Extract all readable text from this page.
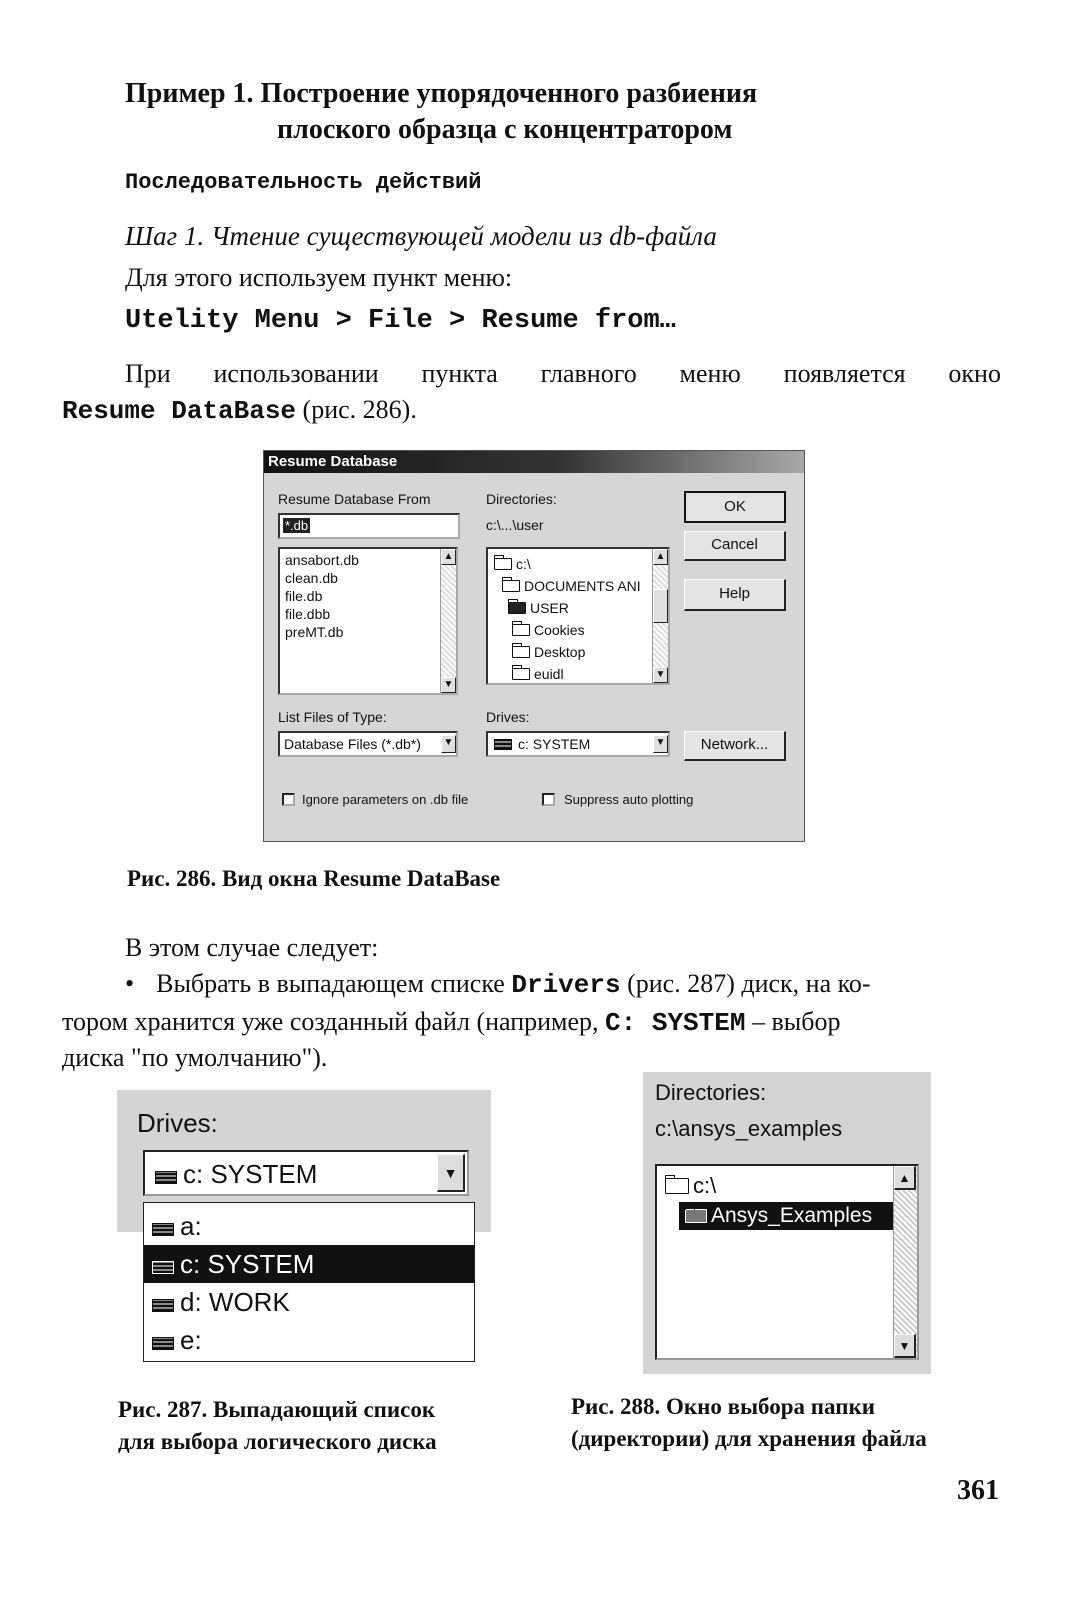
Пример 1. Построение упорядоченного разбиения
плоского образца с концентратором
Последовательность действий
Шаг 1. Чтение существующей модели из db-файла
Для этого используем пункт меню:
Utelity Menu > File > Resume from…
При использовании пункта главного меню появляется окно
Resume DataBase (рис. 286).
Resume Database
Resume Database From
*.db
ansabort.db
clean.db
file.db
file.dbb
preMT.db
▲
▼
Directories:
c:\...\user
c:\
DOCUMENTS ANI
USER
Cookies
Desktop
euidl
▲
▼
OK
Cancel
Help
List Files of Type:
Database Files (*.db*) ▼
Drives:
c: SYSTEM	▼	Network...
Ignore parameters on .db file	Suppress auto plotting
Рис. 286. Вид окна Resume DataBase
В этом случае следует:
• Выбрать в выпадающем списке Drivers (рис. 287) диск, на ко-
тором хранится уже созданный файл (например, C: SYSTEM – выбор
диска "по умолчанию").
Drives:
c: SYSTEM	▼
a:
c: SYSTEM
d: WORK
e:
Directories:
c:\ansys_examples
c:\
Ansys_Examples
▲
▼
Рис. 287. Выпадающий список
для выбора логического диска
Рис. 288. Окно выбора папки
(директории) для хранения файла
361
